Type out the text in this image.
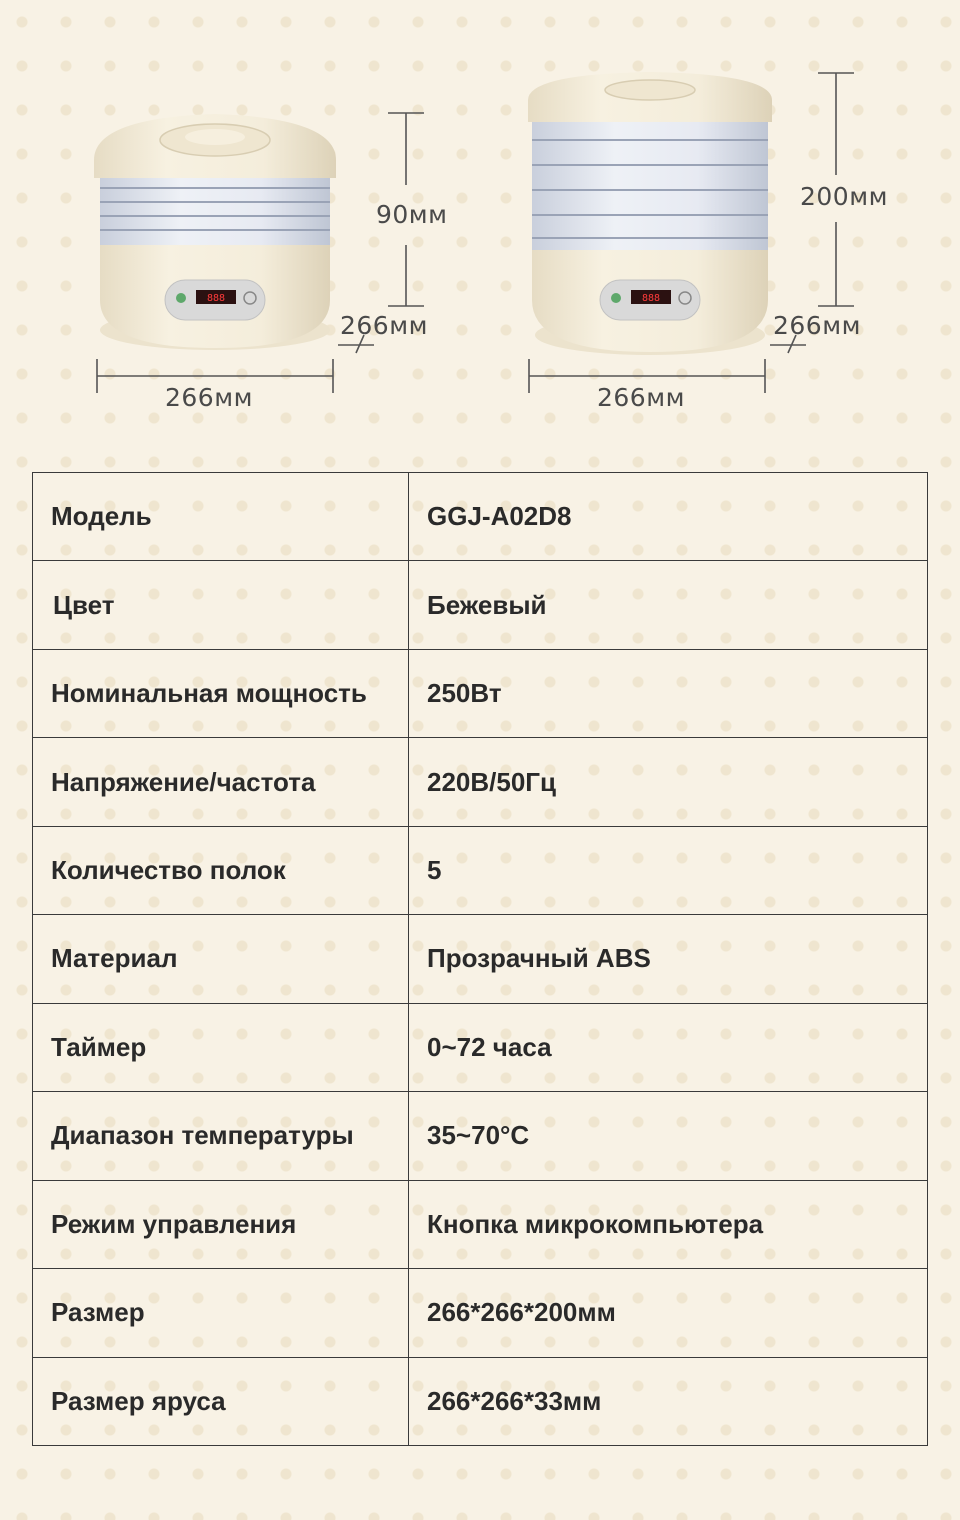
888	888
90мм
266мм
266мм
200мм
266мм
266мм
Модель	GGJ-A02D8
Цвет	Бежевый
Номинальная мощность	250Вт
Напряжение/частота	220В/50Гц
Количество полок	5
Материал	Прозрачный ABS
Таймер	0~72 часа
Диапазон температуры	35~70°C
Режим управления	Кнопка микрокомпьютера
Размер	266*266*200мм
Размер яруса	266*266*33мм
